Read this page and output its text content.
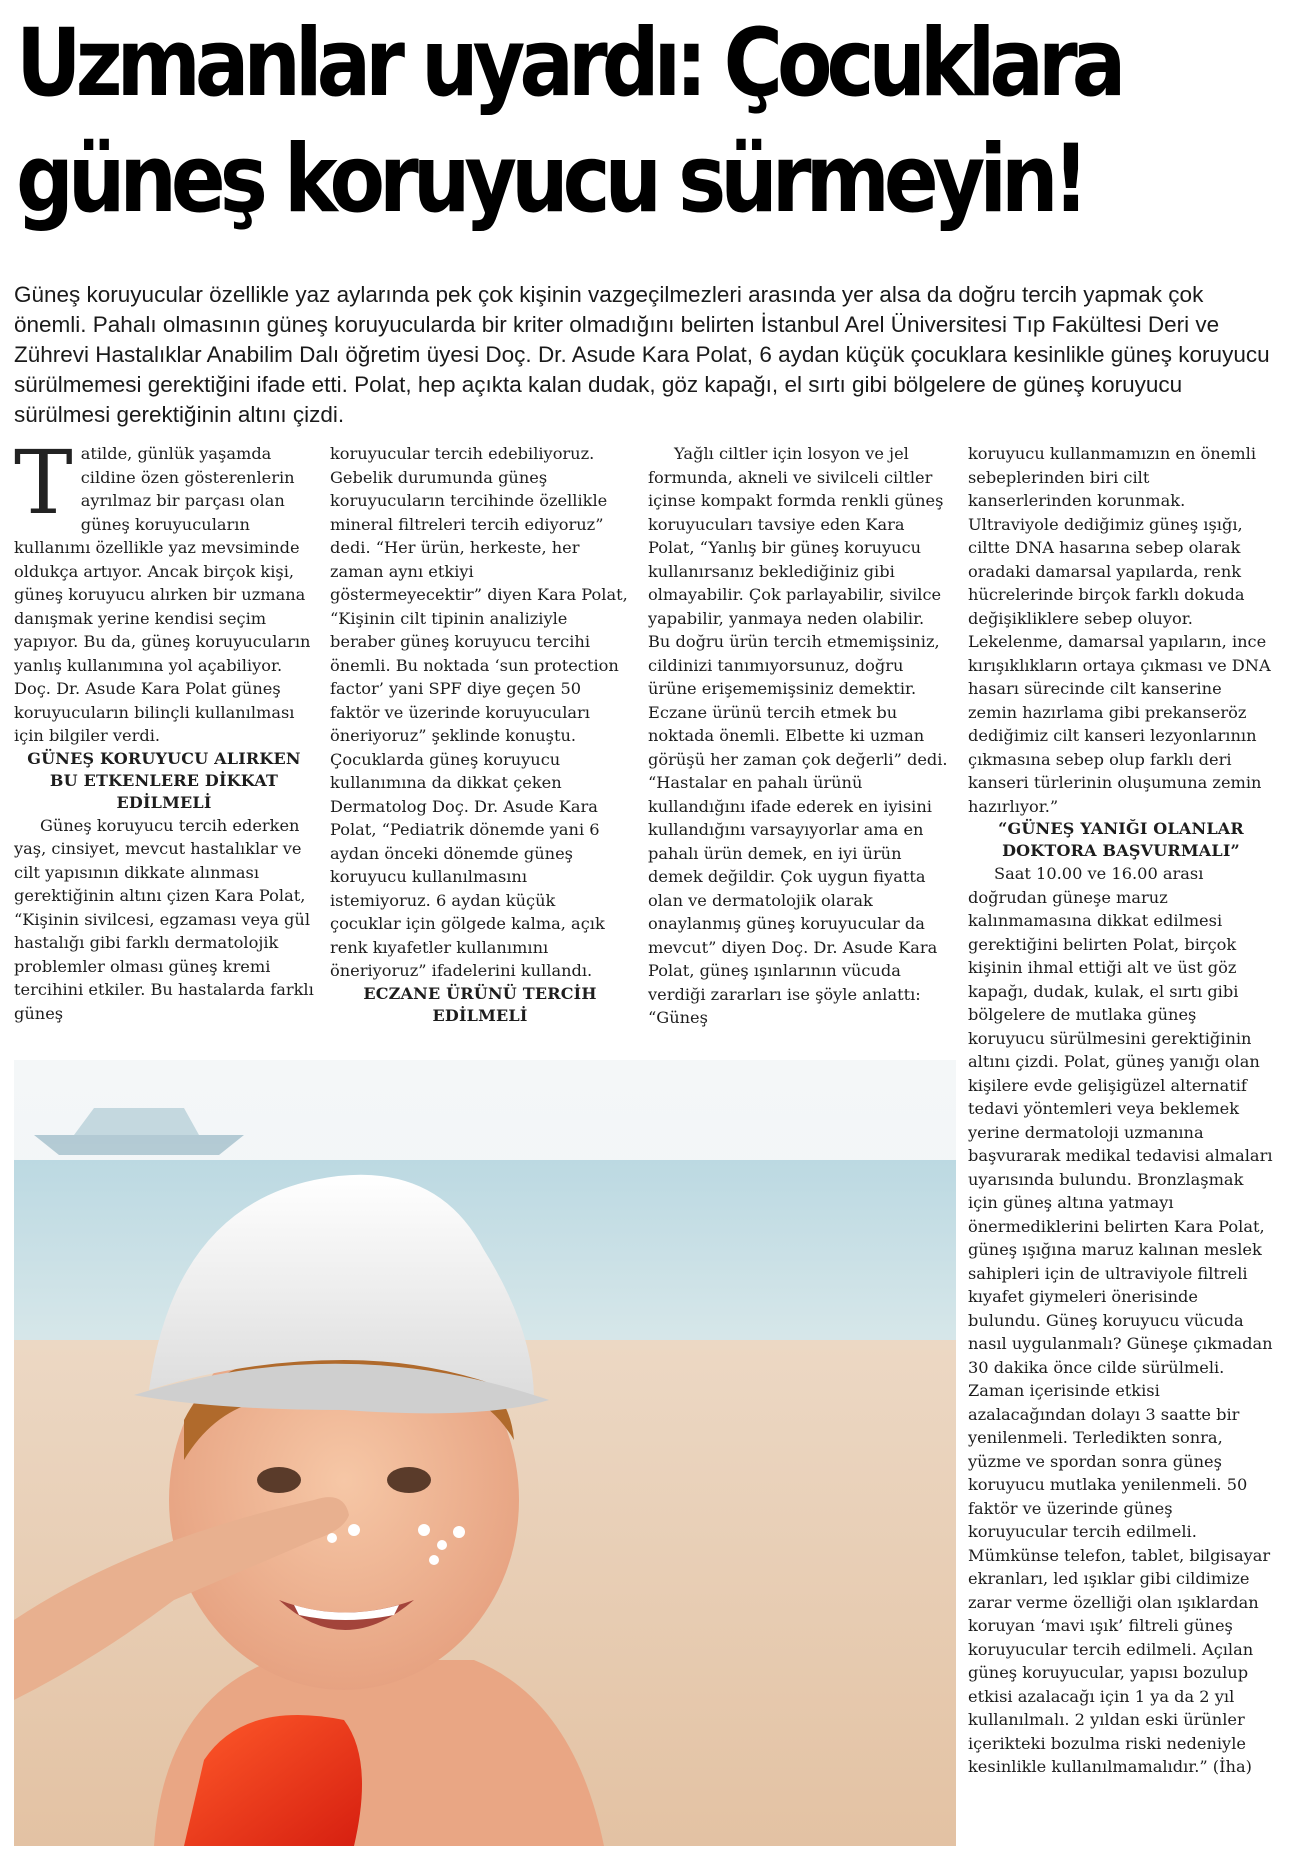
Uzmanlar uyardı: Çocuklara
güneş koruyucu sürmeyin!

Güneş koruyucular özellikle yaz aylarında pek çok kişinin vazgeçilmezleri arasında yer alsa da doğru tercih yapmak çok önemli. Pahalı olmasının güneş koruyucularda bir kriter olmadığını belirten İstanbul Arel Üniversitesi Tıp Fakültesi Deri ve Zührevi Hastalıklar Anabilim Dalı öğretim üyesi Doç. Dr. Asude Kara Polat, 6 aydan küçük çocuklara kesinlikle güneş koruyucu sürülmemesi gerektiğini ifade etti. Polat, hep açıkta kalan dudak, göz kapağı, el sırtı gibi bölgelere de güneş koruyucu sürülmesi gerektiğinin altını çizdi.

Tatilde, günlük yaşamda cildine özen gösterenlerin ayrılmaz bir parçası olan güneş koruyucuların kullanımı özellikle yaz mevsiminde oldukça artıyor. Ancak birçok kişi, güneş koruyucu alırken bir uzmana danışmak yerine kendisi seçim yapıyor. Bu da, güneş koruyucuların yanlış kullanımına yol açabiliyor. Doç. Dr. Asude Kara Polat güneş koruyucuların bilinçli kullanılması için bilgiler verdi.

GÜNEŞ KORUYUCU ALIRKEN BU ETKENLERE DİKKAT EDİLMELİ

Güneş koruyucu tercih ederken yaş, cinsiyet, mevcut hastalıklar ve cilt yapısının dikkate alınması gerektiğinin altını çizen Kara Polat, “Kişinin sivilcesi, egzaması veya gül hastalığı gibi farklı dermatolojik problemler olması güneş kremi tercihini etkiler. Bu hastalarda farklı güneş

koruyucular tercih edebiliyoruz. Gebelik durumunda güneş koruyucuların tercihinde özellikle mineral filtreleri tercih ediyoruz” dedi. “Her ürün, herkeste, her zaman aynı etkiyi göstermeyecektir” diyen Kara Polat, “Kişinin cilt tipinin analiziyle beraber güneş koruyucu tercihi önemli. Bu noktada ‘sun protection factor’ yani SPF diye geçen 50 faktör ve üzerinde koruyucuları öneriyoruz” şeklinde konuştu. Çocuklarda güneş koruyucu kullanımına da dikkat çeken Dermatolog Doç. Dr. Asude Kara Polat, “Pediatrik dönemde yani 6 aydan önceki dönemde güneş koruyucu kullanılmasını istemiyoruz. 6 aydan küçük çocuklar için gölgede kalma, açık renk kıyafetler kullanımını öneriyoruz” ifadelerini kullandı.

ECZANE ÜRÜNÜ TERCİH EDİLMELİ

Yağlı ciltler için losyon ve jel formunda, akneli ve sivilceli ciltler içinse kompakt formda renkli güneş koruyucuları tavsiye eden Kara Polat, “Yanlış bir güneş koruyucu kullanırsanız beklediğiniz gibi olmayabilir. Çok parlayabilir, sivilce yapabilir, yanmaya neden olabilir. Bu doğru ürün tercih etmemişsiniz, cildinizi tanımıyorsunuz, doğru ürüne erişememişsiniz demektir. Eczane ürünü tercih etmek bu noktada önemli. Elbette ki uzman görüşü her zaman çok değerli” dedi. “Hastalar en pahalı ürünü kullandığını ifade ederek en iyisini kullandığını varsayıyorlar ama en pahalı ürün demek, en iyi ürün demek değildir. Çok uygun fiyatta olan ve dermatolojik olarak onaylanmış güneş koruyucular da mevcut” diyen Doç. Dr. Asude Kara Polat, güneş ışınlarının vücuda verdiği zararları ise şöyle anlattı: “Güneş

koruyucu kullanmamızın en önemli sebeplerinden biri cilt kanserlerinden korunmak. Ultraviyole dediğimiz güneş ışığı, ciltte DNA hasarına sebep olarak oradaki damarsal yapılarda, renk hücrelerinde birçok farklı dokuda değişikliklere sebep oluyor. Lekelenme, damarsal yapıların, ince kırışıklıkların ortaya çıkması ve DNA hasarı sürecinde cilt kanserine zemin hazırlama gibi prekanseröz dediğimiz cilt kanseri lezyonlarının çıkmasına sebep olup farklı deri kanseri türlerinin oluşumuna zemin hazırlıyor.”

“GÜNEŞ YANIĞI OLANLAR DOKTORA BAŞVURMALI”

Saat 10.00 ve 16.00 arası doğrudan güneşe maruz kalınmamasına dikkat edilmesi gerektiğini belirten Polat, birçok kişinin ihmal ettiği alt ve üst göz kapağı, dudak, kulak, el sırtı gibi bölgelere de mutlaka güneş koruyucu sürülmesini gerektiğinin altını çizdi. Polat, güneş yanığı olan kişilere evde gelişigüzel alternatif tedavi yöntemleri veya beklemek yerine dermatoloji uzmanına başvurarak medikal tedavisi almaları uyarısında bulundu. Bronzlaşmak için güneş altına yatmayı önermediklerini belirten Kara Polat, güneş ışığına maruz kalınan meslek sahipleri için de ultraviyole filtreli kıyafet giymeleri önerisinde bulundu. Güneş koruyucu vücuda nasıl uygulanmalı? Güneşe çıkmadan 30 dakika önce cilde sürülmeli. Zaman içerisinde etkisi azalacağından dolayı 3 saatte bir yenilenmeli. Terledikten sonra, yüzme ve spordan sonra güneş koruyucu mutlaka yenilenmeli. 50 faktör ve üzerinde güneş koruyucular tercih edilmeli. Mümkünse telefon, tablet, bilgisayar ekranları, led ışıklar gibi cildimize zarar verme özelliği olan ışıklardan koruyan ‘mavi ışık’ filtreli güneş koruyucular tercih edilmeli. Açılan güneş koruyucular, yapısı bozulup etkisi azalacağı için 1 ya da 2 yıl kullanılmalı. 2 yıldan eski ürünler içerikteki bozulma riski nedeniyle kesinlikle kullanılmamalıdır.” (İha)
